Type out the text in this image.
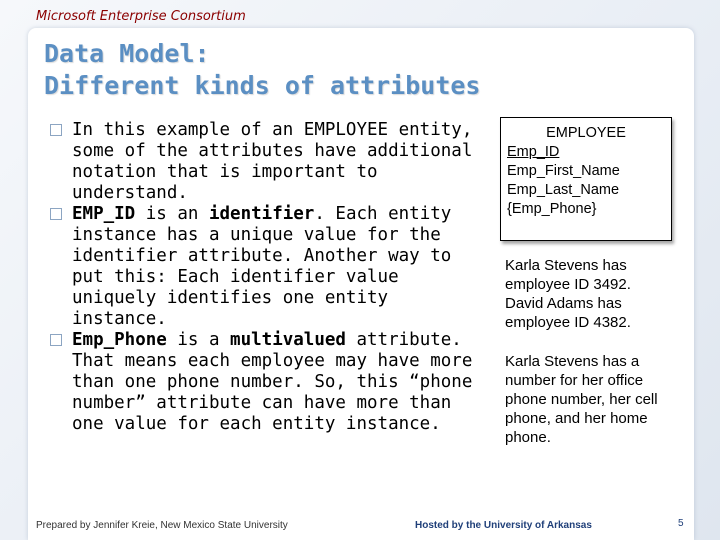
Microsoft Enterprise Consortium
Data Model:
Different kinds of attributes
In this example of an EMPLOYEE entity, some of the attributes have additional notation that is important to understand.
EMP_ID is an identifier. Each entity instance has a unique value for the identifier attribute. Another way to put this: Each identifier value uniquely identifies one entity instance.
Emp_Phone is a multivalued attribute. That means each employee may have more than one phone number. So, this “phone number” attribute can have more than one value for each entity instance.
EMPLOYEE
Emp_ID
Emp_First_Name
Emp_Last_Name
{Emp_Phone}

Karla Stevens has employee ID 3492.

David Adams has employee ID 4382.

Karla Stevens has a number for her office phone number, her cell phone, and her home phone.

Prepared by Jennifer Kreie, New Mexico State University	Hosted by the University of Arkansas	5
